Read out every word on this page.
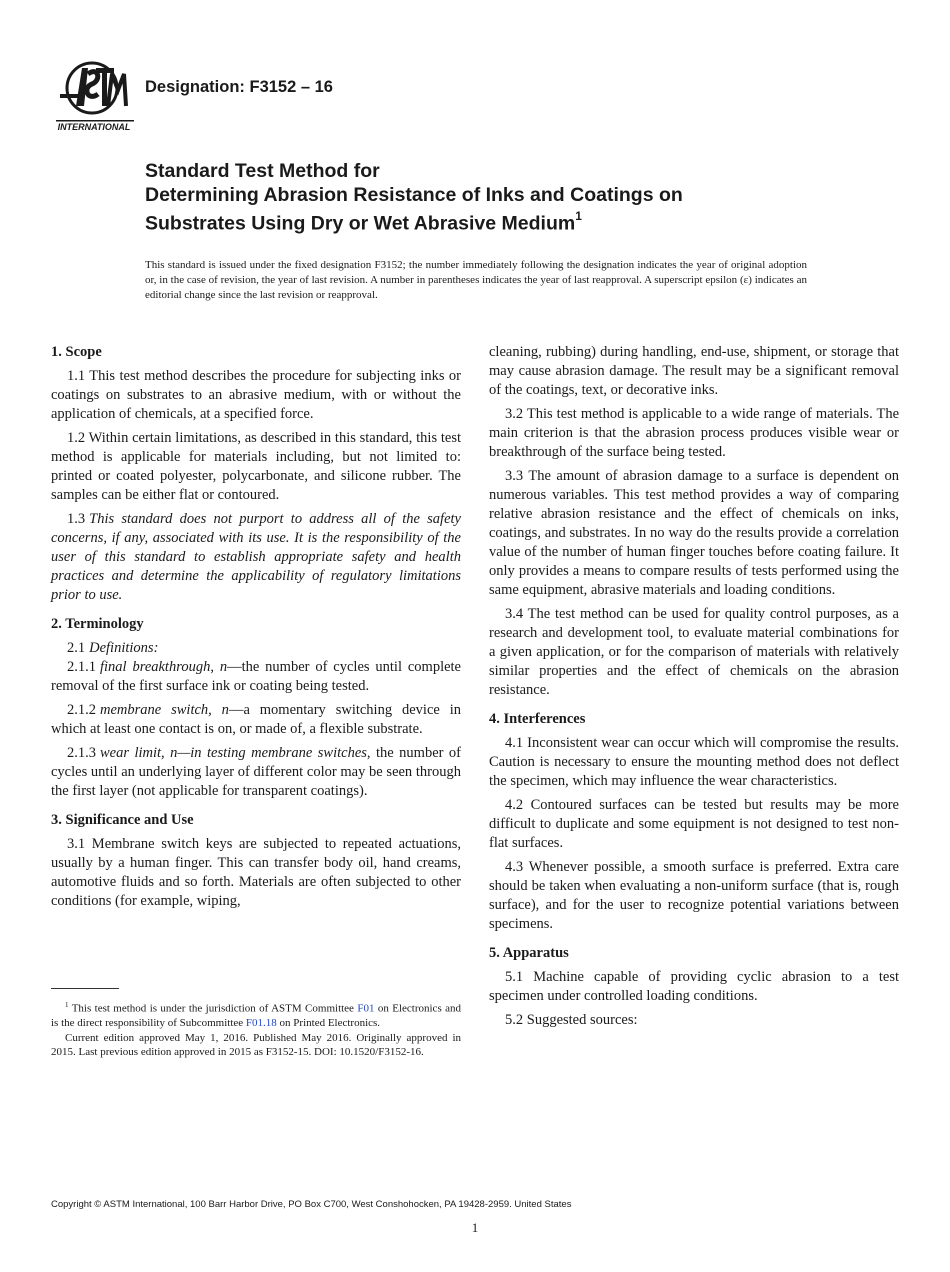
INTERNATIONAL
Designation: F3152 – 16
Standard Test Method for
Determining Abrasion Resistance of Inks and Coatings on
Substrates Using Dry or Wet Abrasive Medium$^1$
This standard is issued under the fixed designation F3152; the number immediately following the designation indicates the year of original adoption or, in the case of revision, the year of last revision. A number in parentheses indicates the year of last reapproval. A superscript epsilon (ε) indicates an editorial change since the last revision or reapproval.
1. Scope

1.1 This test method describes the procedure for subjecting inks or coatings on substrates to an abrasive medium, with or without the application of chemicals, at a specified force.

1.2 Within certain limitations, as described in this standard, this test method is applicable for materials including, but not limited to: printed or coated polyester, polycarbonate, and silicone rubber. The samples can be either flat or contoured.

1.3 This standard does not purport to address all of the safety concerns, if any, associated with its use. It is the responsibility of the user of this standard to establish appropriate safety and health practices and determine the applicability of regulatory limitations prior to use.

2. Terminology

2.1 Definitions:

2.1.1 final breakthrough, n—the number of cycles until complete removal of the first surface ink or coating being tested.

2.1.2 membrane switch, n—a momentary switching device in which at least one contact is on, or made of, a flexible substrate.

2.1.3 wear limit, n—in testing membrane switches, the number of cycles until an underlying layer of different color may be seen through the first layer (not applicable for transparent coatings).

3. Significance and Use

3.1 Membrane switch keys are subjected to repeated actuations, usually by a human finger. This can transfer body oil, hand creams, automotive fluids and so forth. Materials are often subjected to other conditions (for example, wiping,

cleaning, rubbing) during handling, end-use, shipment, or storage that may cause abrasion damage. The result may be a significant removal of the coatings, text, or decorative inks.

3.2 This test method is applicable to a wide range of materials. The main criterion is that the abrasion process produces visible wear or breakthrough of the surface being tested.

3.3 The amount of abrasion damage to a surface is dependent on numerous variables. This test method provides a way of comparing relative abrasion resistance and the effect of chemicals on inks, coatings, and substrates. In no way do the results provide a correlation value of the number of human finger touches before coating failure. It only provides a means to compare results of tests performed using the same equipment, abrasive materials and loading conditions.

3.4 The test method can be used for quality control purposes, as a research and development tool, to evaluate material combinations for a given application, or for the comparison of materials with relatively similar properties and the effect of chemicals on the abrasion resistance.

4. Interferences

4.1 Inconsistent wear can occur which will compromise the results. Caution is necessary to ensure the mounting method does not deflect the specimen, which may influence the wear characteristics.

4.2 Contoured surfaces can be tested but results may be more difficult to duplicate and some equipment is not designed to test non-flat surfaces.

4.3 Whenever possible, a smooth surface is preferred. Extra care should be taken when evaluating a non-uniform surface (that is, rough surface), and for the user to recognize potential variations between specimens.

5. Apparatus

5.1 Machine capable of providing cyclic abrasion to a test specimen under controlled loading conditions.

5.2 Suggested sources:

$^1$ This test method is under the jurisdiction of ASTM Committee F01 on Electronics and is the direct responsibility of Subcommittee F01.18 on Printed Electronics.

Current edition approved May 1, 2016. Published May 2016. Originally approved in 2015. Last previous edition approved in 2015 as F3152-15. DOI: 10.1520/F3152-16.

Copyright © ASTM International, 100 Barr Harbor Drive, PO Box C700, West Conshohocken, PA 19428-2959. United States
1
